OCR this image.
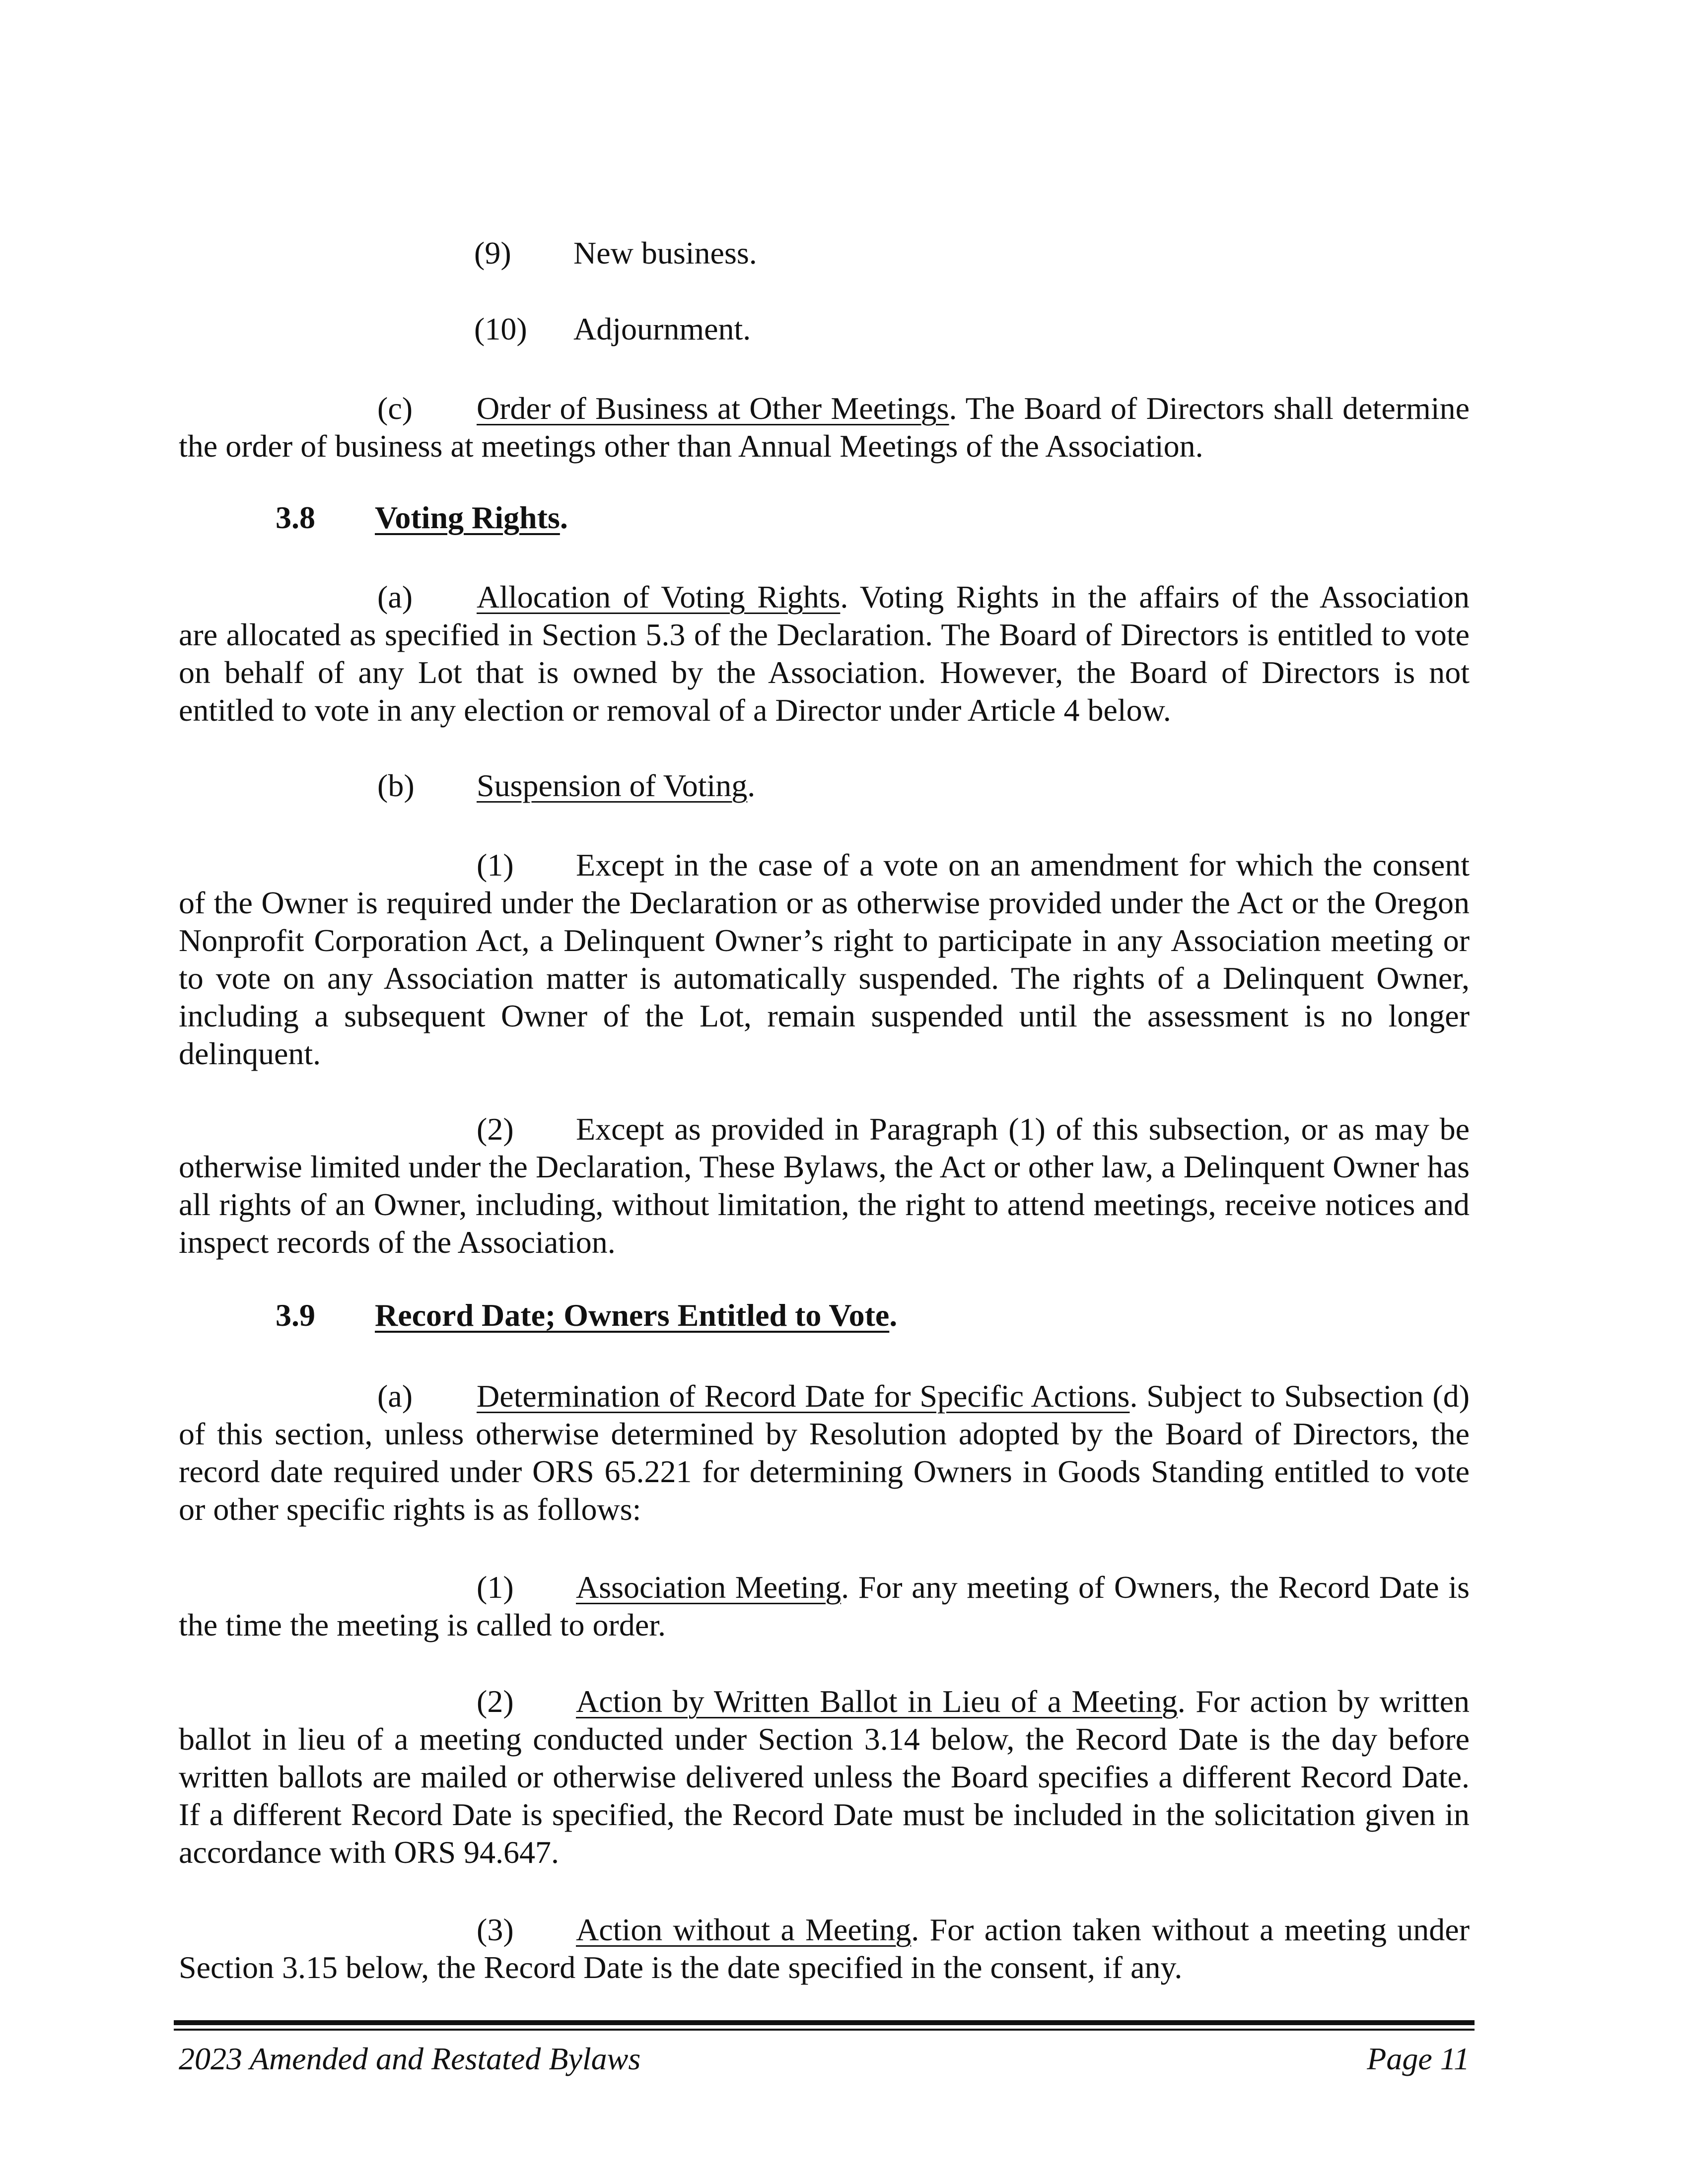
(9) New business.
(10) Adjournment.

(c) Order of Business at Other Meetings. The Board of Directors shall determine the order of business at meetings other than Annual Meetings of the Association.

3.8 Voting Rights.

(a) Allocation of Voting Rights. Voting Rights in the affairs of the Association are allocated as specified in Section 5.3 of the Declaration. The Board of Directors is entitled to vote on behalf of any Lot that is owned by the Association. However, the Board of Directors is not entitled to vote in any election or removal of a Director under Article 4 below.

(b) Suspension of Voting.

(1) Except in the case of a vote on an amendment for which the consent of the Owner is required under the Declaration or as otherwise provided under the Act or the Oregon Nonprofit Corporation Act, a Delinquent Owner’s right to participate in any Association meeting or to vote on any Association matter is automatically suspended. The rights of a Delinquent Owner, including a subsequent Owner of the Lot, remain suspended until the assessment is no longer delinquent.

(2) Except as provided in Paragraph (1) of this subsection, or as may be otherwise limited under the Declaration, These Bylaws, the Act or other law, a Delinquent Owner has all rights of an Owner, including, without limitation, the right to attend meetings, receive notices and inspect records of the Association.

3.9 Record Date; Owners Entitled to Vote.

(a) Determination of Record Date for Specific Actions. Subject to Subsection (d) of this section, unless otherwise determined by Resolution adopted by the Board of Directors, the record date required under ORS 65.221 for determining Owners in Goods Standing entitled to vote or other specific rights is as follows:

(1) Association Meeting. For any meeting of Owners, the Record Date is the time the meeting is called to order.

(2) Action by Written Ballot in Lieu of a Meeting. For action by written ballot in lieu of a meeting conducted under Section 3.14 below, the Record Date is the day before written ballots are mailed or otherwise delivered unless the Board specifies a different Record Date. If a different Record Date is specified, the Record Date must be included in the solicitation given in accordance with ORS 94.647.

(3) Action without a Meeting. For action taken without a meeting under Section 3.15 below, the Record Date is the date specified in the consent, if any.

2023 Amended and Restated Bylaws	Page 11
